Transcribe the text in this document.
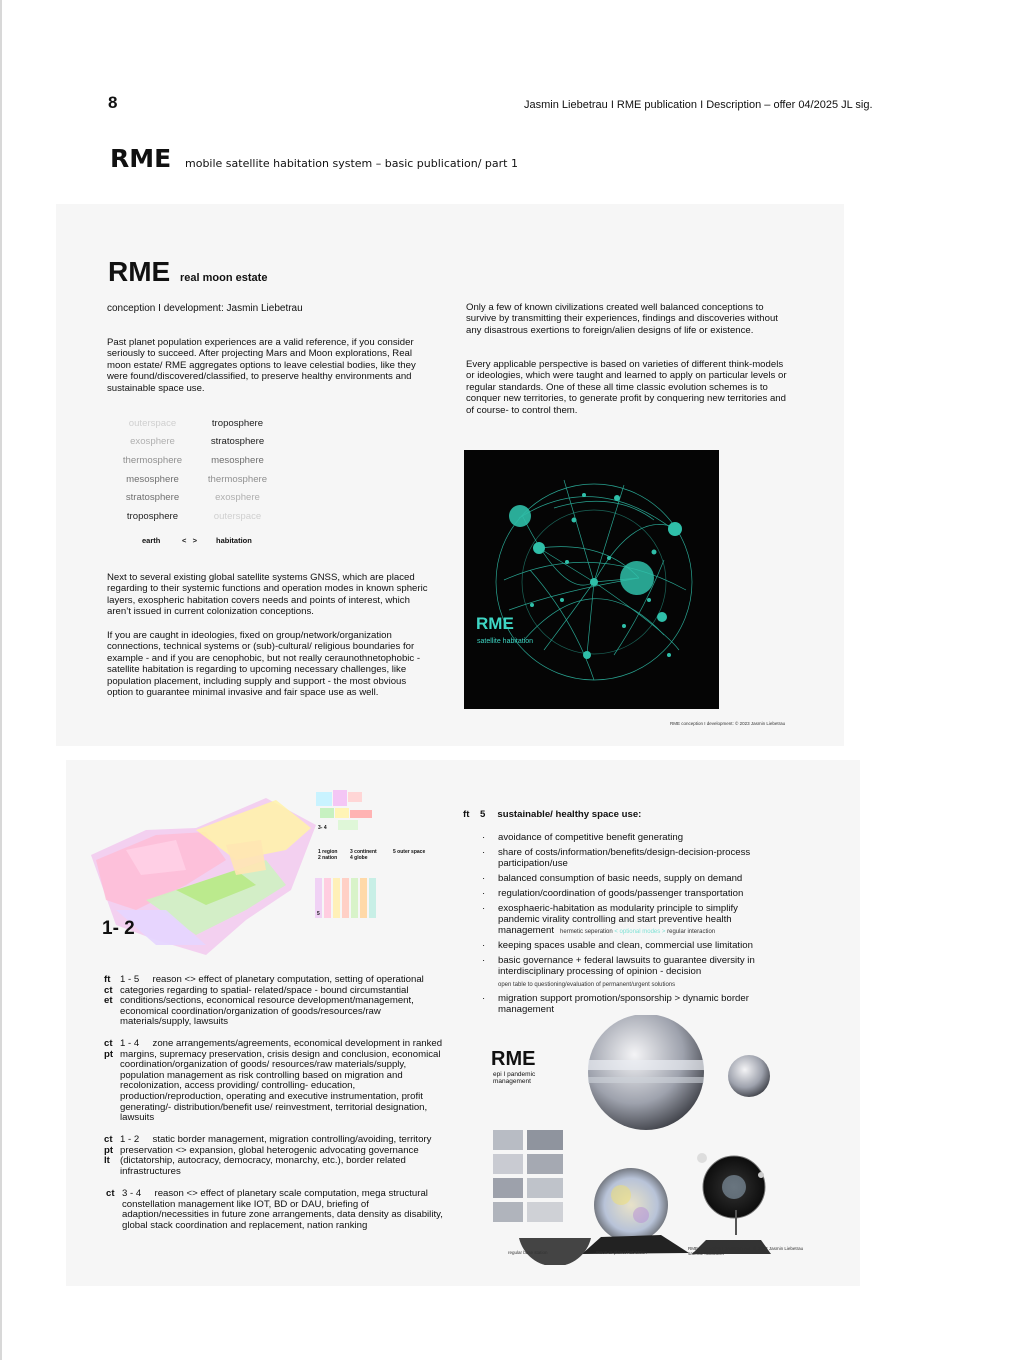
8	Jasmin Liebetrau I RME publication I Description – offer 04/2025 JL sig.
RME mobile satellite habitation system – basic publication/ part 1
RME real moon estate
conception I development: Jasmin Liebetrau
Past planet population experiences are a valid reference, if you consider seriously to succeed. After projecting Mars and Moon explorations, Real moon estate/ RME aggregates options to leave celestial bodies, like they were found/discovered/classified, to preserve healthy environments and sustainable space use.
outerspace	troposphere
exosphere	stratosphere
thermosphere	mesosphere
mesosphere	thermosphere
stratosphere	exosphere
troposphere	outerspace
earth	<   >	habitation
Next to several existing global satellite systems GNSS, which are placed regarding to their systemic functions and operation modes in known spheric layers, exospheric habitation covers needs and points of interest, which aren’t issued in current colonization conceptions.
If you are caught in ideologies, fixed on group/network/organization connections, technical systems or (sub)-cultural/ religious boundaries for example - and if you are cenophobic, but not really ceraunothnetophobic - satellite habitation is regarding to upcoming necessary challenges, like population placement, including supply and support - the most obvious option to guarantee minimal invasive and fair space use as well.
Only a few of known civilizations created well balanced conceptions to survive by transmitting their experiences, findings and discoveries without any disastrous exertions to foreign/alien designs of life or existence.
Every applicable perspective is based on varieties of different think-models or ideologies, which were taught and learned to apply on particular levels or regular standards. One of these all time classic evolution schemes is to conquer new territories, to generate profit by conquering new territories and of course- to control them.
RME
satellite habitation
RME conception I development: © 2023 Jasmin Liebetrau
3- 4
1 region
2 nation
3 continent
4 globe
5 outer space
5
1- 2
ft
ct
et
1 - 5     reason <> effect of planetary computation, setting of operational categories regarding to spatial- related/space - bound circumstantial conditions/sections, economical resource development/management, economical coordination/organization of goods/resources/raw materials/supply, lawsuits
ct
pt
1 - 4     zone arrangements/agreements, economical development in ranked margins, supremacy preservation, crisis design and conclusion, economical coordination/organization of goods/ resources/raw materials/supply, population management as risk controlling based on migration and recolonization, access providing/ controlling- education, production/reproduction, operating and executive instrumentation, profit generating/- distribution/benefit use/ reinvestment, territorial designation,  lawsuits
ct
pt
lt
1 - 2     static border management, migration controlling/avoiding, territory preservation <> expansion, global heterogenic advocating governance (dictatorship, autocracy, democracy, monarchy, etc.), border related infrastructures
ct 3 - 4     reason <> effect of planetary scale computation, mega structural constellation management like IOT, BD or DAU, briefing of adaption/necessities in future zone arrangements, data density as disability, global stack coordination and replacement, nation ranking
ft    5 sustainable/ healthy space use:
·	avoidance of competitive benefit generating
·	share of costs/information/benefits/design-decision-process participation/use
·	balanced consumption of basic needs, supply on demand
·	regulation/coordination of goods/passenger transportation
·	exosphaeric-habitation as modularity principle to simplify pandemic virality controlling and start preventive health management hermetic seperation < optional modes > regular interaction
·	keeping spaces usable and clean, commercial use limitation
·	basic governance + federal lawsuits to guarantee diversity in interdisciplinary processing of opinion - decision
open table to questioning/evaluation of permanent/urgent solutions
·	migration support promotion/sponsorship > dynamic border management
RME
epi I pandemic
management
regular base station	moon or planet habitation
RME conception I development: © 2023 Jasmin Liebetrau
satellite habitation
